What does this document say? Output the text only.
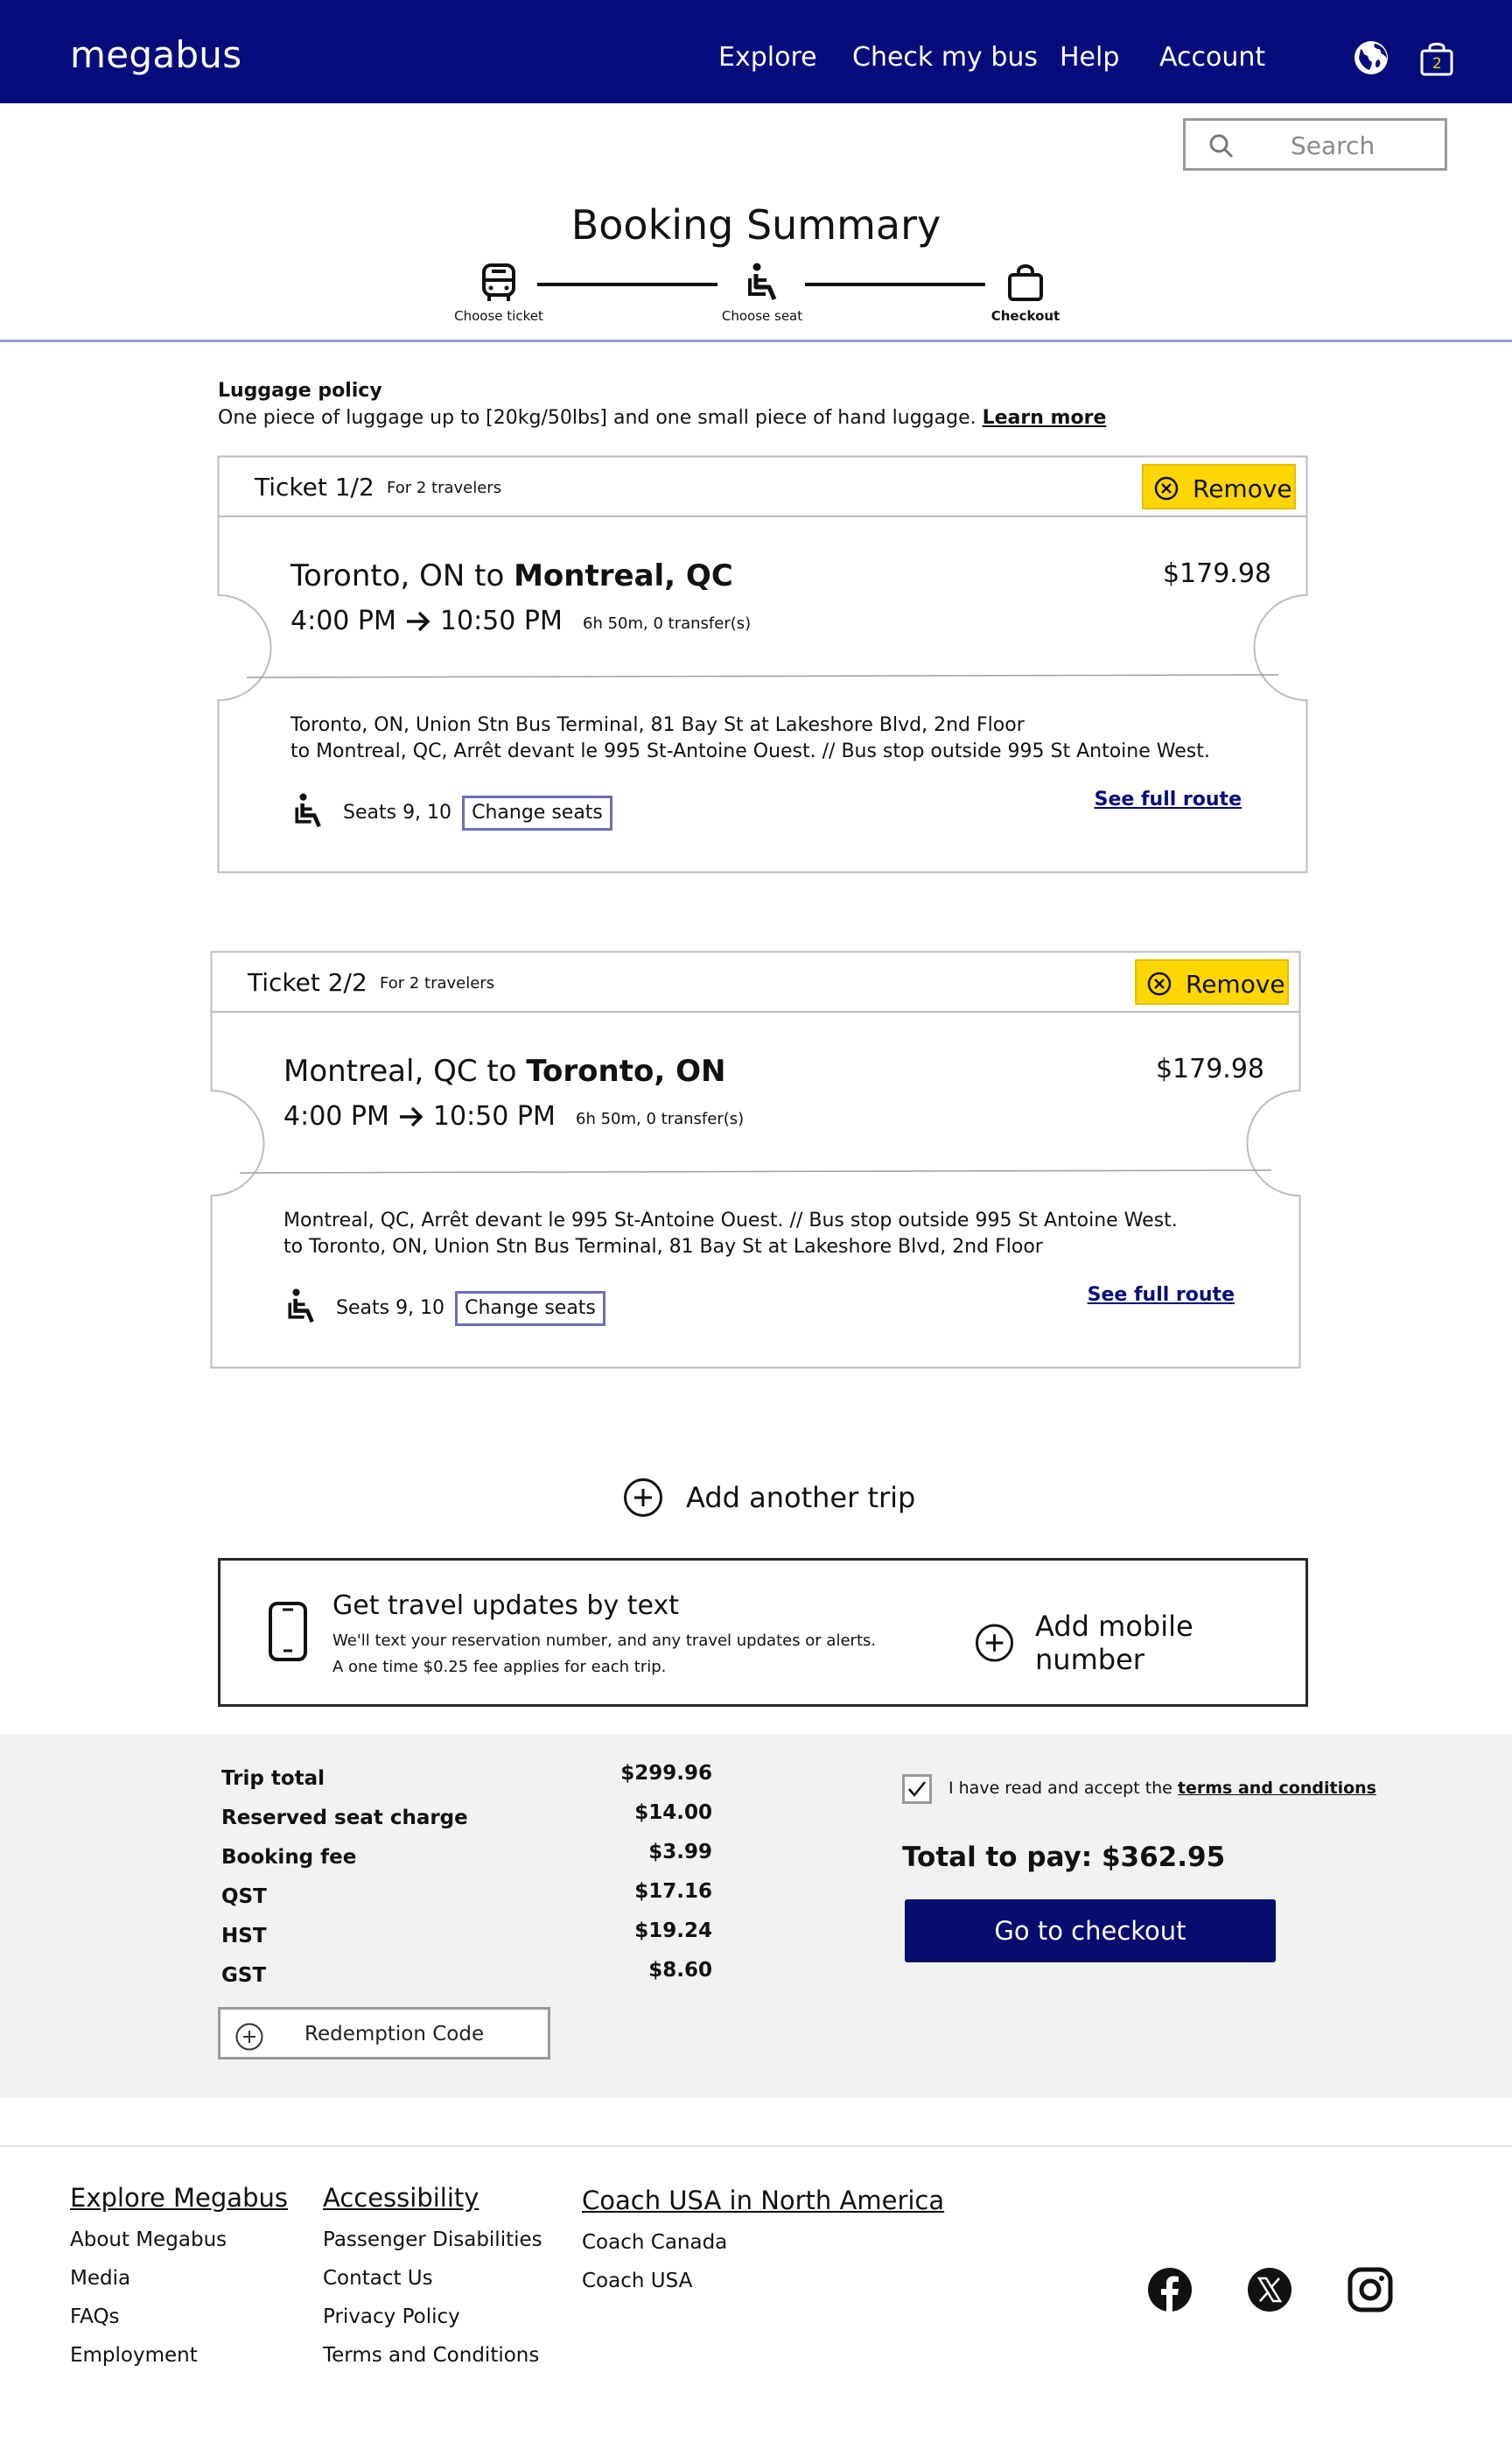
megabus	Explore Check my bus Help Account	2
Search
Booking Summary
Choose ticket	Choose seat	Checkout
Luggage policy
One piece of luggage up to [20kg/50lbs] and one small piece of hand luggage. Learn more
Ticket 1/2 For 2 travelers	Remove
Toronto, ON to Montreal, QC	$179.98
4:00 PM 10:50 PM 6h 50m, 0 transfer(s)
Toronto, ON, Union Stn Bus Terminal, 81 Bay St at Lakeshore Blvd, 2nd Floor
to Montreal, QC, Arrêt devant le 995 St-Antoine Ouest. // Bus stop outside 995 St Antoine West.
Seats 9, 10	Change seats
See full route
Ticket 2/2 For 2 travelers	Remove
Montreal, QC to Toronto, ON	$179.98
4:00 PM 10:50 PM 6h 50m, 0 transfer(s)
Montreal, QC, Arrêt devant le 995 St-Antoine Ouest. // Bus stop outside 995 St Antoine West.
to Toronto, ON, Union Stn Bus Terminal, 81 Bay St at Lakeshore Blvd, 2nd Floor
Seats 9, 10	Change seats
See full route
Add another trip
Get travel updates by text
We'll text your reservation number, and any travel updates or alerts.
A one time $0.25 fee applies for each trip.
Add mobile number
Trip total	$299.96
Reserved seat charge	$14.00
Booking fee	$3.99
QST	$17.16
HST	$19.24
GST	$8.60
Redemption Code
I have read and accept the terms and conditions
Total to pay: $362.95
Go to checkout
Explore Megabus
About Megabus
Media
FAQs
Employment
Accessibility
Passenger Disabilities
Contact Us
Privacy Policy
Terms and Conditions
Coach USA in North America
Coach Canada
Coach USA
